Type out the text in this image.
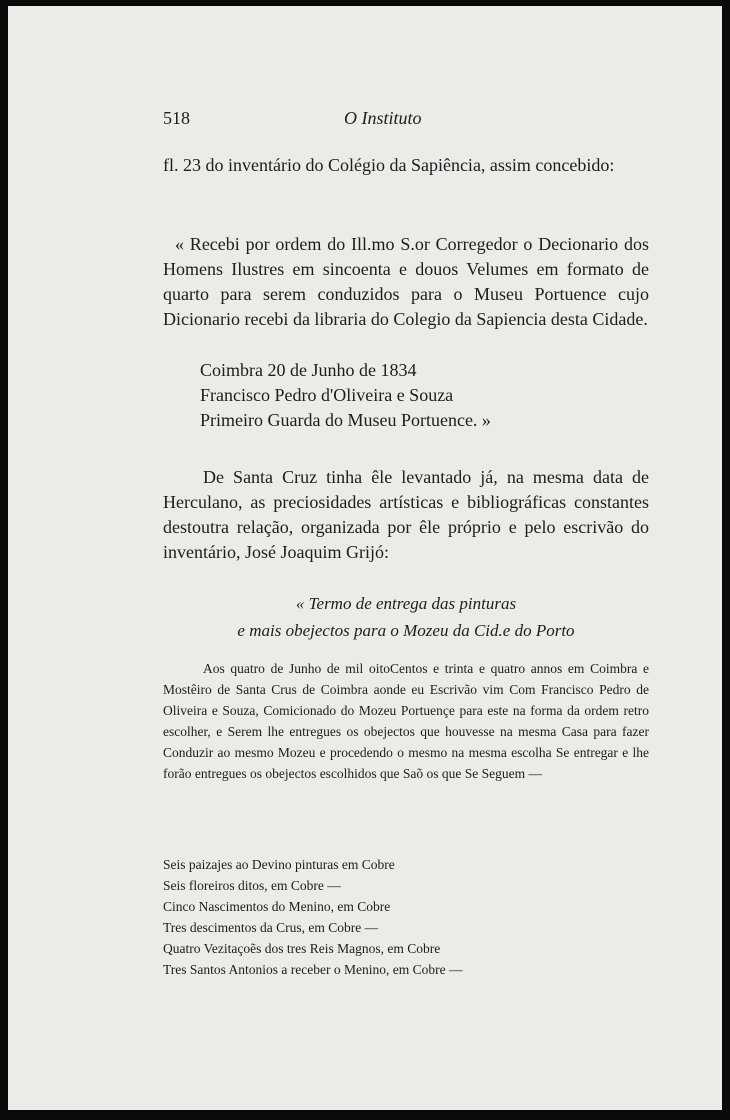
518	O Instituto
fl. 23 do inventário do Colégio da Sapiência, assim concebido:
« Recebi por ordem do Ill.mo S.or Corregedor o Decionario dos Homens Ilustres em sincoenta e douos Velumes em formato de quarto para serem conduzidos para o Museu Portuence cujo Dicionario recebi da libraria do Colegio da Sapiencia desta Cidade.
Coimbra 20 de Junho de 1834
Francisco Pedro d'Oliveira e Souza
Primeiro Guarda do Museu Portuence. »
De Santa Cruz tinha êle levantado já, na mesma data de Herculano, as preciosidades artísticas e bibliográficas constantes destoutra relação, organizada por êle próprio e pelo escrivão do inventário, José Joaquim Grijó:
« Termo de entrega das pinturas
e mais obejectos para o Mozeu da Cid.e do Porto
Aos quatro de Junho de mil oitoCentos e trinta e quatro annos em Coimbra e Mostêiro de Santa Crus de Coimbra aonde eu Escrivão vim Com Francisco Pedro de Oliveira e Souza, Comicionado do Mozeu Portuençe para este na forma da ordem retro escolher, e Serem lhe entregues os obejectos que houvesse na mesma Casa para fazer Conduzir ao mesmo Mozeu e procedendo o mesmo na mesma escolha Se entregar e lhe forão entregues os obejectos escolhidos que Saõ os que Se Seguem —
Seis paizajes ao Devino pinturas em Cobre
Seis floreiros ditos, em Cobre —
Cinco Nascimentos do Menino, em Cobre
Tres descimentos da Crus, em Cobre —
Quatro Vezitaçoẽs dos tres Reis Magnos, em Cobre
Tres Santos Antonios a receber o Menino, em Cobre —
